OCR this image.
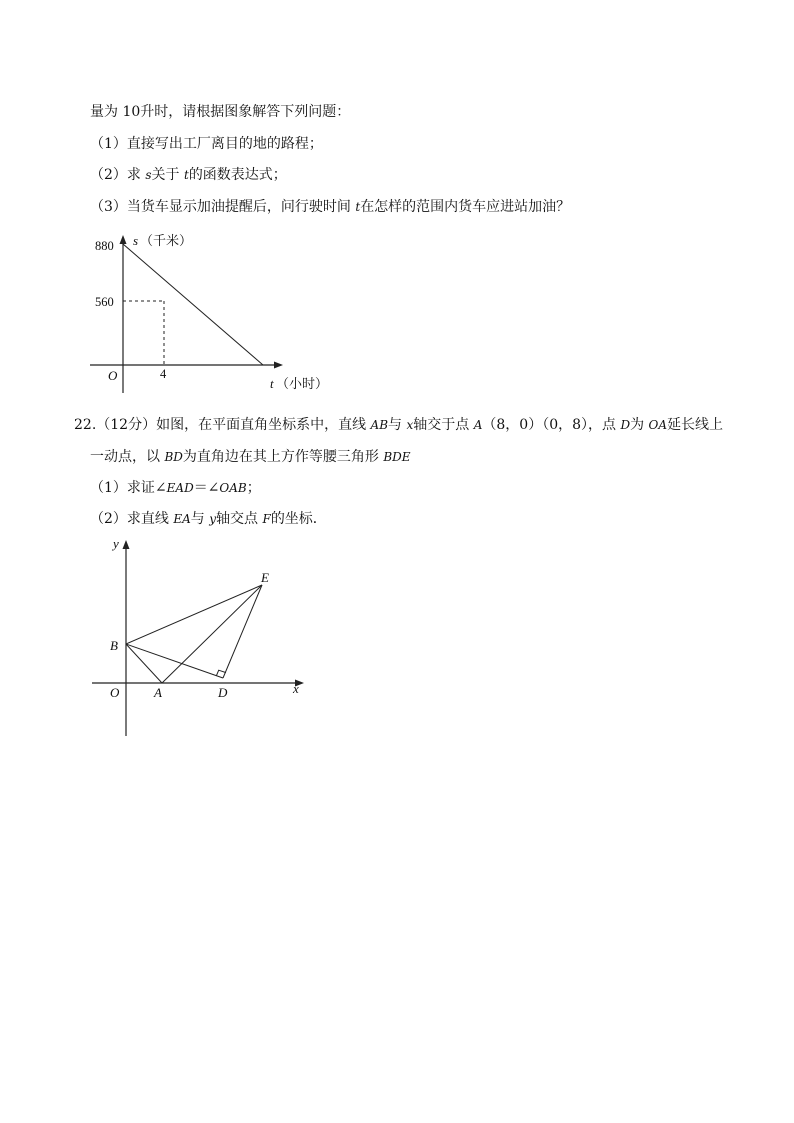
量为 10升时，请根据图象解答下列问题：
（1）直接写出工厂离目的地的路程；
（2）求 s关于 t的函数表达式；
（3）当货车显示加油提醒后，问行驶时间 t在怎样的范围内货车应进站加油？
s （千米）
880
560
4
O
t （小时）
22.（12分）如图，在平面直角坐标系中，直线 AB与 x轴交于点 A（8，0）（0，8），点 D为 OA延长线上
一动点，以 BD为直角边在其上方作等腰三角形 BDE
（1）求证∠EAD＝∠OAB；
（2）求直线 EA与 y轴交点 F的坐标．
y
x
O	A
B
D
E
